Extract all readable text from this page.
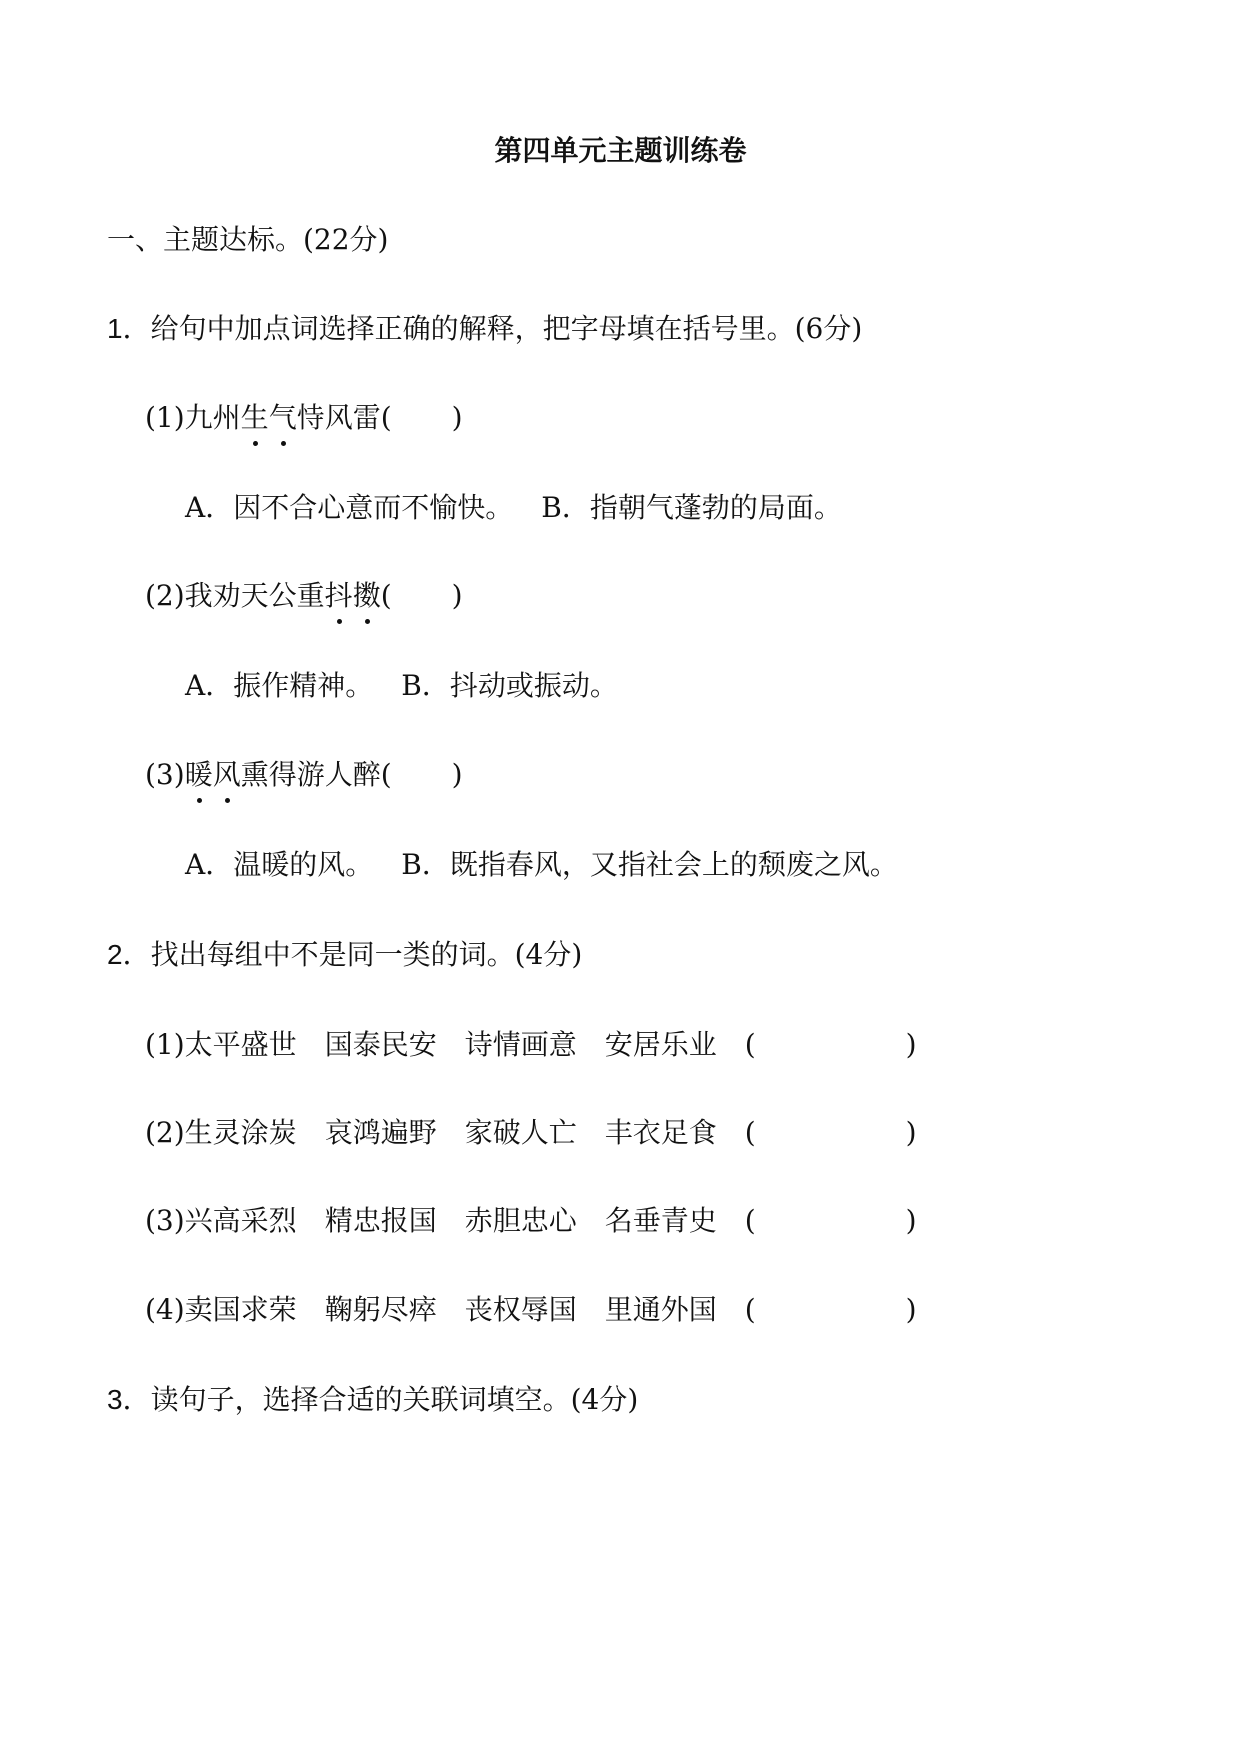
第四单元主题训练卷
一、主题达标。(22分)
1．给句中加点词选择正确的解释，把字母填在括号里。(6分)
(1)九州生气恃风雷( )
A．因不合心意而不愉快。 B．指朝气蓬勃的局面。
(2)我劝天公重抖擞( )
A．振作精神。 B．抖动或振动。
(3)暖风熏得游人醉( )
A．温暖的风。 B．既指春风，又指社会上的颓废之风。
2．找出每组中不是同一类的词。(4分)
(1)太平盛世 国泰民安 诗情画意 安居乐业 (	)
(2)生灵涂炭 哀鸿遍野 家破人亡 丰衣足食 (	)
(3)兴高采烈 精忠报国 赤胆忠心 名垂青史 (	)
(4)卖国求荣 鞠躬尽瘁 丧权辱国 里通外国 (	)
3．读句子，选择合适的关联词填空。(4分)
